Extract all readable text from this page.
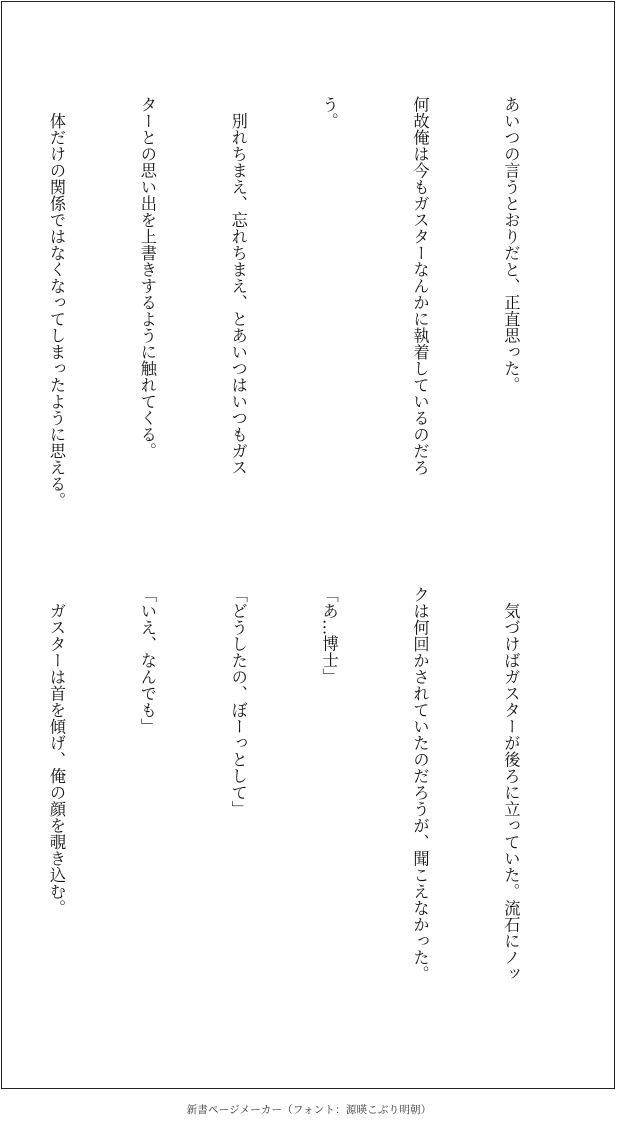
あいつの言うとおりだと、正直思った。

何故俺は今もガスターなんかに執着しているのだろ

う。

　別れちまえ、忘れちまえ、とあいつはいつもガス

ターとの思い出を上書きするように触れてくる。

　体だけの関係ではなくなってしまったように思える。

　気づけばガスターが後ろに立っていた。流石にノッ

クは何回かされていたのだろうが、聞こえなかった。

「あ…博士」

「どうしたの、ぼーっとして」

「いえ、なんでも」

　ガスターは首を傾げ、俺の顔を覗き込む。

新書ページメーカー（フォント：源暎こぶり明朝）
